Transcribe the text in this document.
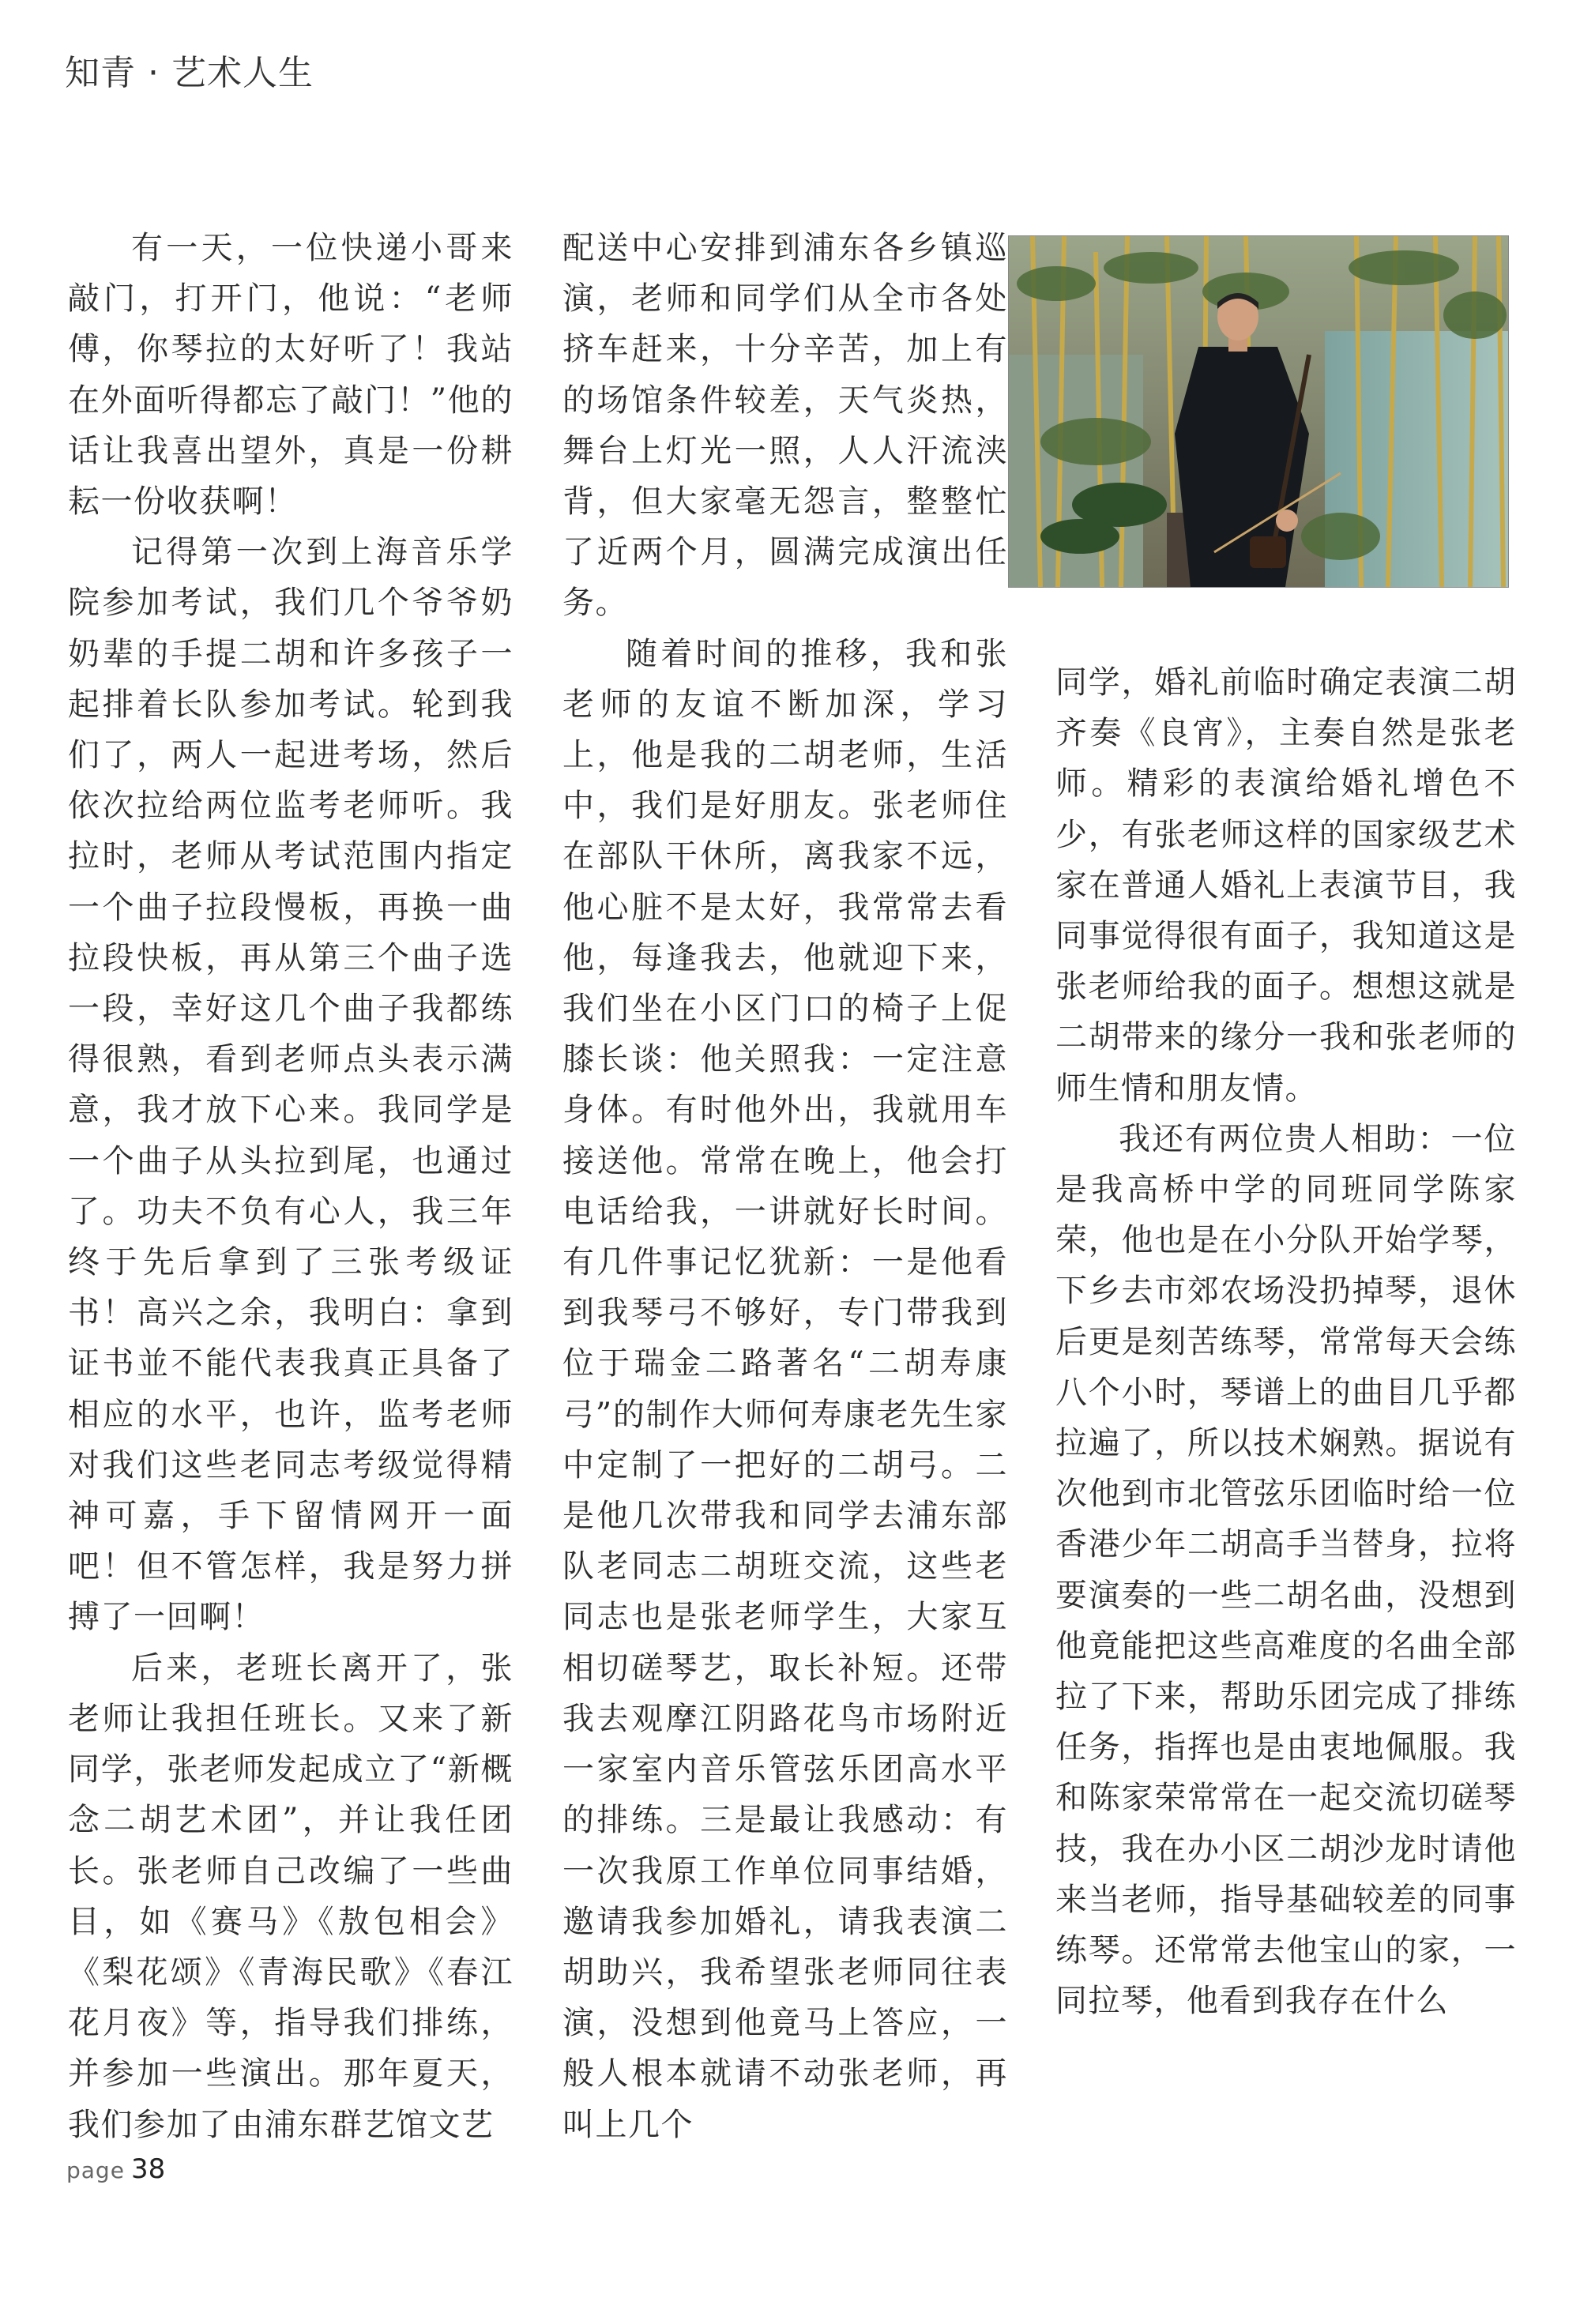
知青 · 艺术人生

有一天，一位快递小哥来敲门，打开门，他说：“老师傅，你琴拉的太好听了！我站在外面听得都忘了敲门！”他的话让我喜出望外，真是一份耕耘一份收获啊！

记得第一次到上海音乐学院参加考试，我们几个爷爷奶奶辈的手提二胡和许多孩子一起排着长队参加考试。轮到我们了，两人一起进考场，然后依次拉给两位监考老师听。我拉时，老师从考试范围内指定一个曲子拉段慢板，再换一曲拉段快板，再从第三个曲子选一段，幸好这几个曲子我都练得很熟，看到老师点头表示满意，我才放下心来。我同学是一个曲子从头拉到尾，也通过了。功夫不负有心人，我三年终于先后拿到了三张考级证书！高兴之余，我明白：拿到证书並不能代表我真正具备了相应的水平，也许，监考老师对我们这些老同志考级觉得精神可嘉，手下留情网开一面吧！但不管怎样，我是努力拼搏了一回啊！

后来，老班长离开了，张老师让我担任班长。又来了新同学，张老师发起成立了“新概念二胡艺术团”，并让我任团长。张老师自己改编了一些曲目，如《赛马》《敖包相会》《梨花颂》《青海民歌》《春江花月夜》等，指导我们排练，并参加一些演出。那年夏天，我们参加了由浦东群艺馆文艺

配送中心安排到浦东各乡镇巡演，老师和同学们从全市各处挤车赶来，十分辛苦，加上有的场馆条件较差，天气炎热，舞台上灯光一照，人人汗流浃背，但大家毫无怨言，整整忙了近两个月，圆满完成演出任务。

随着时间的推移，我和张老师的友谊不断加深，学习上，他是我的二胡老师，生活中，我们是好朋友。张老师住在部队干休所，离我家不远，他心脏不是太好，我常常去看他，每逢我去，他就迎下来，我们坐在小区门口的椅子上促膝长谈：他关照我：一定注意身体。有时他外出，我就用车接送他。常常在晚上，他会打电话给我，一讲就好长时间。有几件事记忆犹新：一是他看到我琴弓不够好，专门带我到位于瑞金二路著名“二胡寿康弓”的制作大师何寿康老先生家中定制了一把好的二胡弓。二是他几次带我和同学去浦东部队老同志二胡班交流，这些老同志也是张老师学生，大家互相切磋琴艺，取长补短。还带我去观摩江阴路花鸟市场附近一家室内音乐管弦乐团高水平的排练。三是最让我感动：有一次我原工作单位同事结婚，邀请我参加婚礼，请我表演二胡助兴，我希望张老师同往表演，没想到他竟马上答应，一般人根本就请不动张老师，再叫上几个

同学，婚礼前临时确定表演二胡齐奏《良宵》，主奏自然是张老师。精彩的表演给婚礼增色不少，有张老师这样的国家级艺术家在普通人婚礼上表演节目，我同事觉得很有面子，我知道这是张老师给我的面子。想想这就是二胡带来的缘分一我和张老师的师生情和朋友情。

我还有两位贵人相助：一位是我高桥中学的同班同学陈家荣，他也是在小分队开始学琴，下乡去市郊农场没扔掉琴，退休后更是刻苦练琴，常常每天会练八个小时，琴谱上的曲目几乎都拉遍了，所以技术娴熟。据说有次他到市北管弦乐团临时给一位香港少年二胡高手当替身，拉将要演奏的一些二胡名曲，没想到他竟能把这些高难度的名曲全部拉了下来，帮助乐团完成了排练任务，指挥也是由衷地佩服。我和陈家荣常常在一起交流切磋琴技，我在办小区二胡沙龙时请他来当老师，指导基础较差的同事练琴。还常常去他宝山的家，一同拉琴，他看到我存在什么

page 38
